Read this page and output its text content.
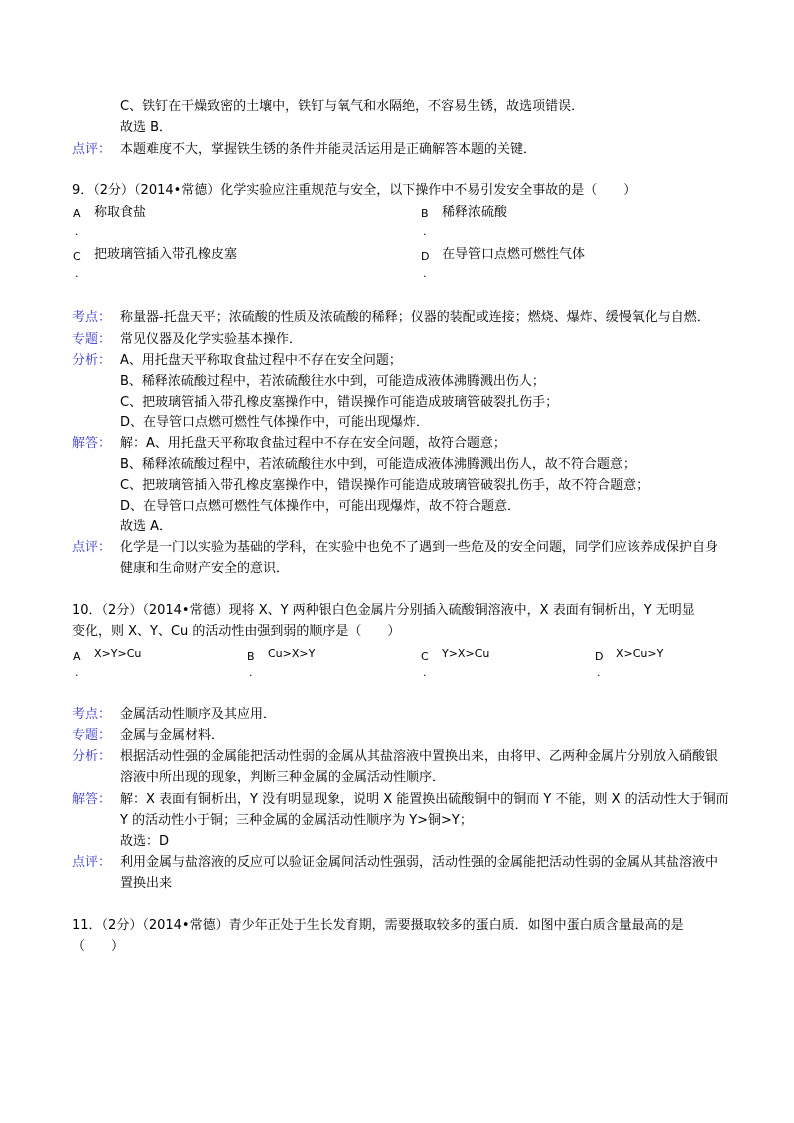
C、铁钉在干燥致密的土壤中，铁钉与氧气和水隔绝，不容易生锈，故选项错误．
故选 B．
点评： 本题难度不大，掌握铁生锈的条件并能灵活运用是正确解答本题的关键．
9．（2分）（2014•常德）化学实验应注重规范与安全，以下操作中不易引发安全事故的是（　　）
A 称取食盐	B 稀释浓硫酸
.	.
C 把玻璃管插入带孔橡皮塞	D 在导管口点燃可燃性气体
.	.
考点： 称量器-托盘天平；浓硫酸的性质及浓硫酸的稀释；仪器的装配或连接；燃烧、爆炸、缓慢氧化与自燃．
专题： 常见仪器及化学实验基本操作．
分析： A、用托盘天平称取食盐过程中不存在安全问题；
B、稀释浓硫酸过程中，若浓硫酸往水中到，可能造成液体沸腾溅出伤人；
C、把玻璃管插入带孔橡皮塞操作中，错误操作可能造成玻璃管破裂扎伤手；
D、在导管口点燃可燃性气体操作中，可能出现爆炸．
解答： 解：A、用托盘天平称取食盐过程中不存在安全问题，故符合题意；
B、稀释浓硫酸过程中，若浓硫酸往水中到，可能造成液体沸腾溅出伤人，故不符合题意；
C、把玻璃管插入带孔橡皮塞操作中，错误操作可能造成玻璃管破裂扎伤手，故不符合题意；
D、在导管口点燃可燃性气体操作中，可能出现爆炸，故不符合题意．
故选 A．
点评： 化学是一门以实验为基础的学科，在实验中也免不了遇到一些危及的安全问题，同学们应该养成保护自身
健康和生命财产安全的意识．
10．（2分）（2014•常德）现将 X、Y 两种银白色金属片分别插入硫酸铜溶液中，X 表面有铜析出，Y 无明显
变化，则 X、Y、Cu 的活动性由强到弱的顺序是（　　）
A X>Y>Cu	B Cu>X>Y	C Y>X>Cu	D X>Cu>Y
.	.	.	.
考点： 金属活动性顺序及其应用．
专题： 金属与金属材料．
分析： 根据活动性强的金属能把活动性弱的金属从其盐溶液中置换出来，由将甲、乙两种金属片分别放入硝酸银
溶液中所出现的现象，判断三种金属的金属活动性顺序．
解答： 解：X 表面有铜析出，Y 没有明显现象，说明 X 能置换出硫酸铜中的铜而 Y 不能，则 X 的活动性大于铜而
Y 的活动性小于铜；三种金属的金属活动性顺序为 Y>铜>Y；
故选：D
点评： 利用金属与盐溶液的反应可以验证金属间活动性强弱，活动性强的金属能把活动性弱的金属从其盐溶液中
置换出来
11．（2分）（2014•常德）青少年正处于生长发育期，需要摄取较多的蛋白质．如图中蛋白质含量最高的是
（　　）
